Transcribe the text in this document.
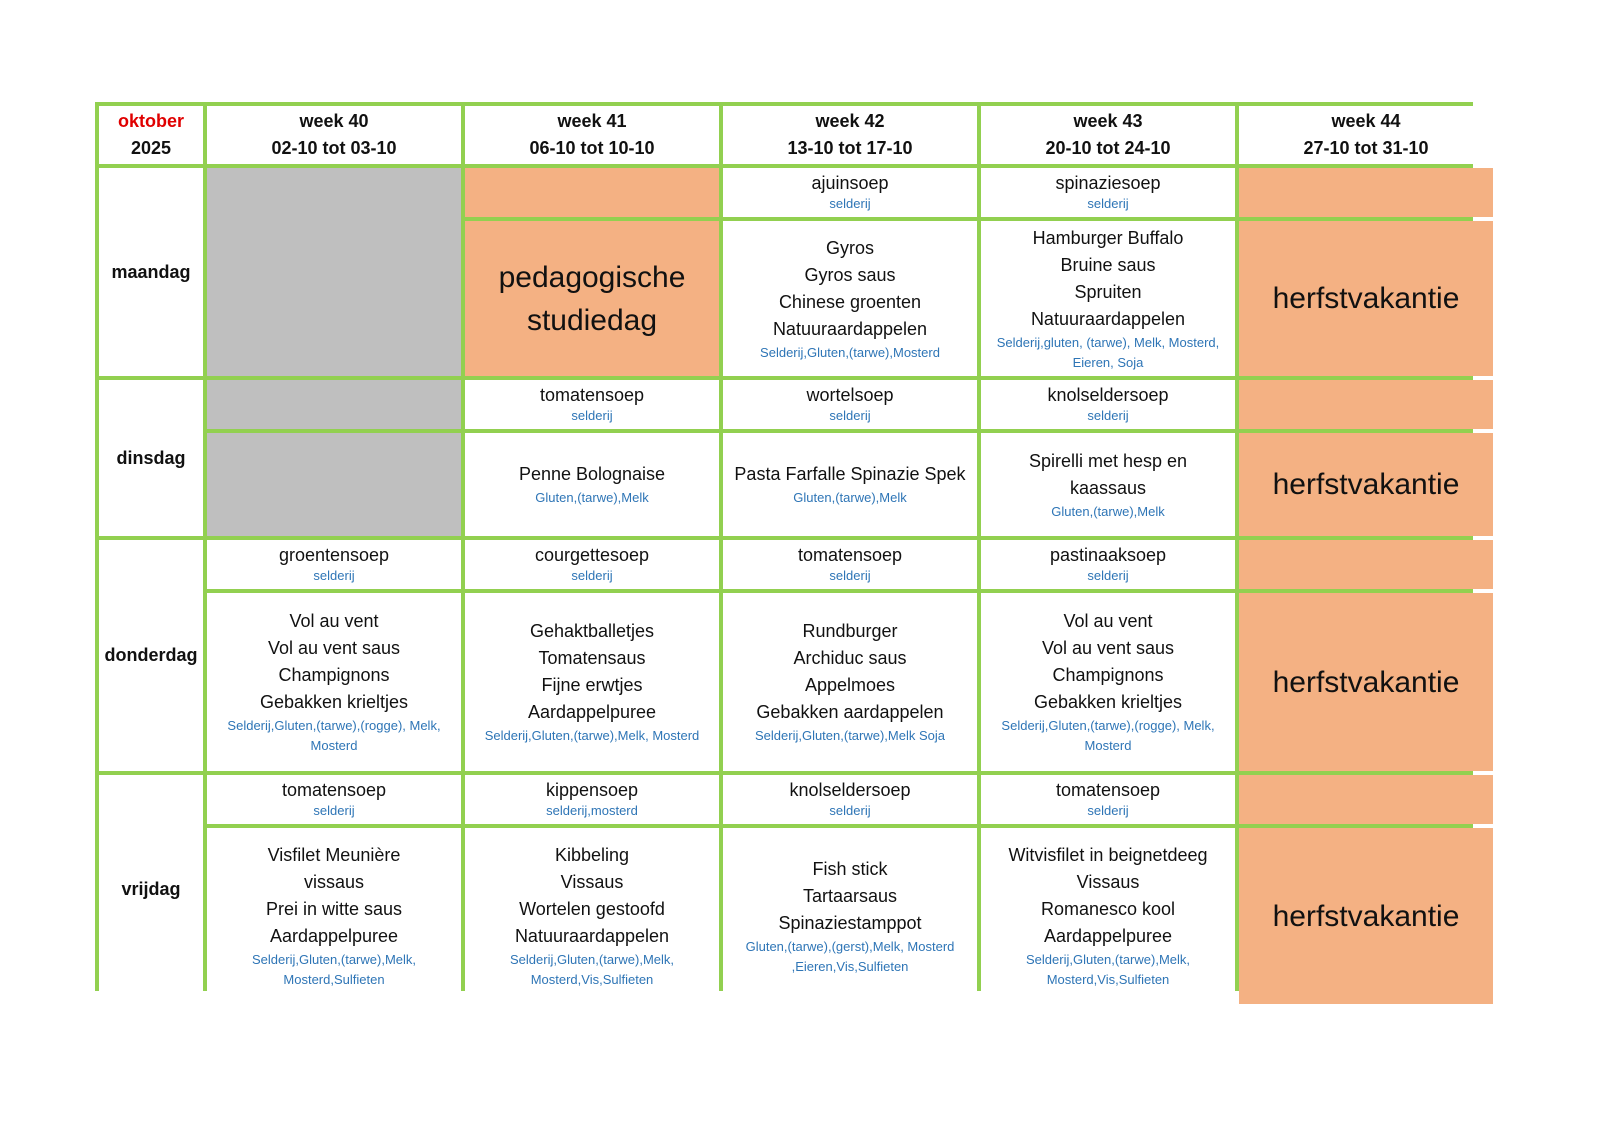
oktober
2025
week 40
02-10 tot 03-10
week 41
06-10 tot 10-10
week 42
13-10 tot 17-10
week 43
20-10 tot 24-10
week 44
27-10 tot 31-10
maandag	pedagogische studiedag
ajuinsoep
selderij
Gyros
Gyros saus
Chinese groenten
Natuuraardappelen
Selderij,Gluten,(tarwe),Mosterd
spinaziesoep
selderij
Hamburger Buffalo
Bruine saus
Spruiten
Natuuraardappelen
Selderij,gluten, (tarwe), Melk, Mosterd, Eieren, Soja
herfstvakantie
dinsdag
tomatensoep
selderij
Penne Bolognaise
Gluten,(tarwe),Melk
wortelsoep
selderij
Pasta Farfalle Spinazie Spek
Gluten,(tarwe),Melk
knolseldersoep
selderij
Spirelli met hesp en
kaassaus
Gluten,(tarwe),Melk
herfstvakantie
donderdag
groentensoep
selderij
Vol au vent
Vol au vent saus
Champignons
Gebakken krieltjes
Selderij,Gluten,(tarwe),(rogge), Melk, Mosterd
courgettesoep
selderij
Gehaktballetjes
Tomatensaus
Fijne erwtjes
Aardappelpuree
Selderij,Gluten,(tarwe),Melk, Mosterd
tomatensoep
selderij
Rundburger
Archiduc saus
Appelmoes
Gebakken aardappelen
Selderij,Gluten,(tarwe),Melk Soja
pastinaaksoep
selderij
Vol au vent
Vol au vent saus
Champignons
Gebakken krieltjes
Selderij,Gluten,(tarwe),(rogge), Melk, Mosterd
herfstvakantie
vrijdag
tomatensoep
selderij
Visfilet Meunière
vissaus
Prei in witte saus
Aardappelpuree
Selderij,Gluten,(tarwe),Melk, Mosterd,Sulfieten
kippensoep
selderij,mosterd
Kibbeling
Vissaus
Wortelen gestoofd
Natuuraardappelen
Selderij,Gluten,(tarwe),Melk, Mosterd,Vis,Sulfieten
knolseldersoep
selderij
Fish stick
Tartaarsaus
Spinaziestamppot
Gluten,(tarwe),(gerst),Melk, Mosterd ,Eieren,Vis,Sulfieten
tomatensoep
selderij
Witvisfilet in beignetdeeg
Vissaus
Romanesco kool
Aardappelpuree
Selderij,Gluten,(tarwe),Melk, Mosterd,Vis,Sulfieten
herfstvakantie
